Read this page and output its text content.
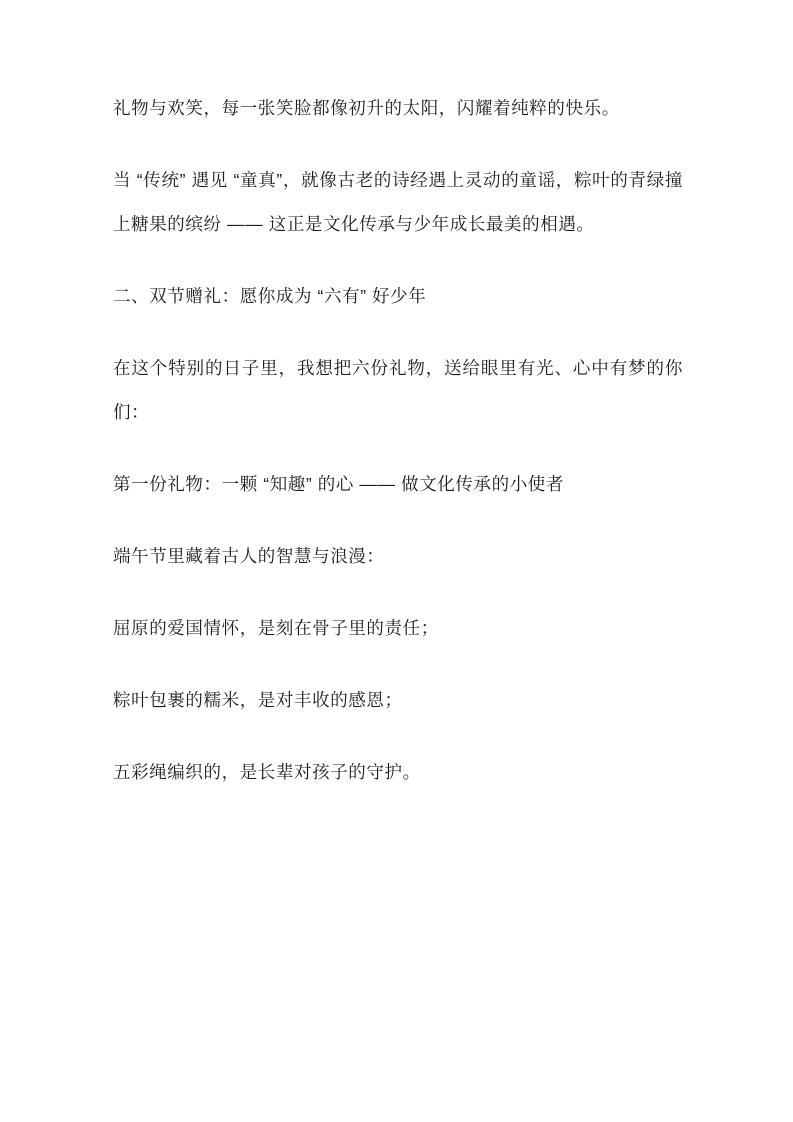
礼物与欢笑，每一张笑脸都像初升的太阳，闪耀着纯粹的快乐。

当 “传统” 遇见 “童真”，就像古老的诗经遇上灵动的童谣，粽叶的青绿撞上糖果的缤纷 —— 这正是文化传承与少年成长最美的相遇。

二、双节赠礼：愿你成为 “六有” 好少年

在这个特别的日子里，我想把六份礼物，送给眼里有光、心中有梦的你们：

第一份礼物：一颗 “知趣” 的心 —— 做文化传承的小使者

端午节里藏着古人的智慧与浪漫：

屈原的爱国情怀，是刻在骨子里的责任；

粽叶包裹的糯米，是对丰收的感恩；

五彩绳编织的，是长辈对孩子的守护。
